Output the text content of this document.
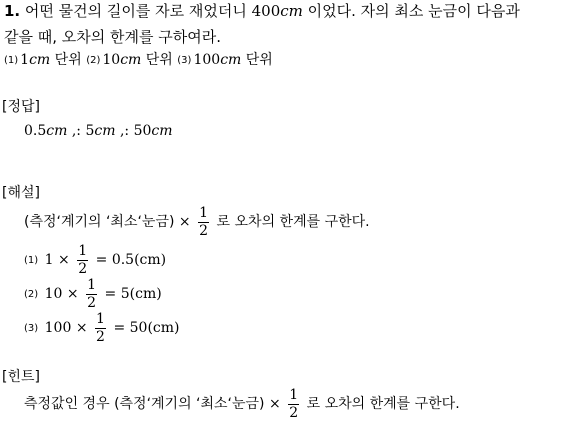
1. 어떤 물건의 길이를 자로 재었더니 400cm 이었다. 자의 최소 눈금이 다음과
같을 때, 오차의 한계를 구하여라.
(1) 1cm 단위 (2) 10cm 단위 (3) 100cm 단위
[정답]
0.5cm ,: 5cm ,: 50cm
[해설]
(측정‘계기의 ‘최소‘눈금) × $\frac{1}{2}$ 로 오차의 한계를 구한다.
(1) $1 \times \frac{1}{2} = 0.5(cm)$
(2) $10 \times \frac{1}{2} = 5(cm)$
(3) $100 \times \frac{1}{2} = 50(cm)$
[힌트]
측정값인 경우 (측정‘계기의 ‘최소‘눈금) × $\frac{1}{2}$ 로 오차의 한계를 구한다.
